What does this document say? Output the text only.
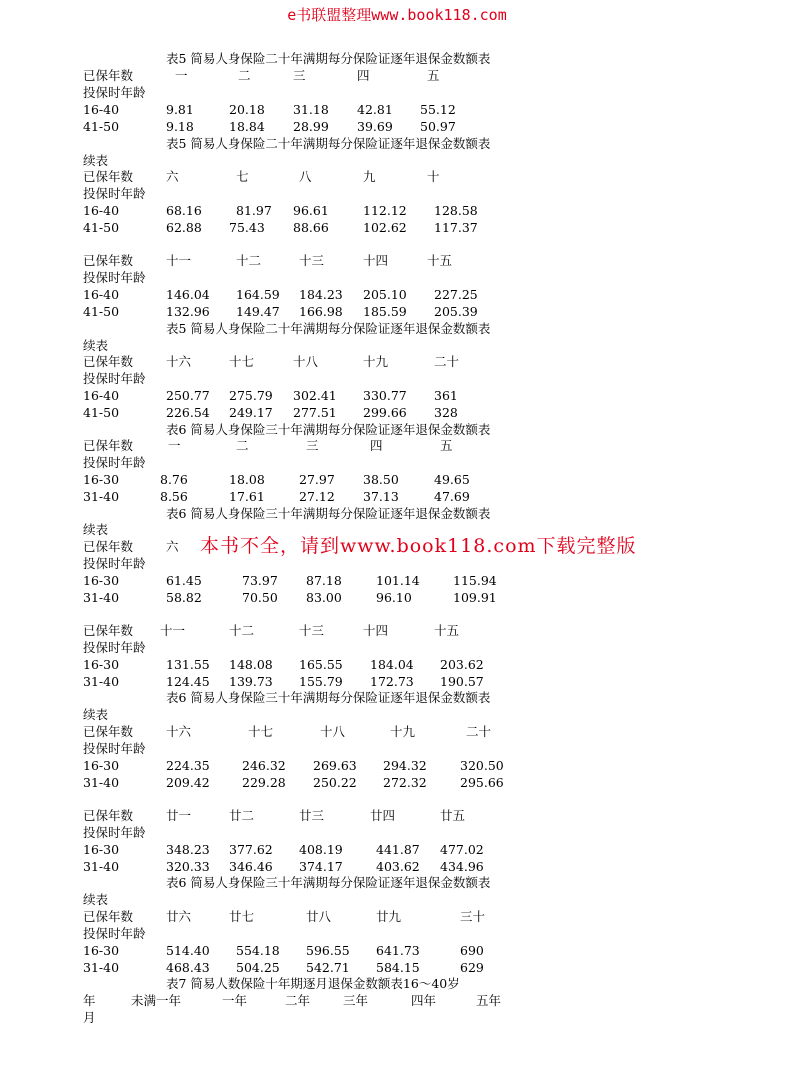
e书联盟整理www.book118.com
表5 简易人身保险二十年满期每分保险证逐年退保金数额表
已保年数	一	二	三	四	五
投保时年龄
16-40	9.81	20.18 31.18 42.81 55.12
41-50	9.18	18.84 28.99 39.69 50.97
表5 简易人身保险二十年满期每分保险证逐年退保金数额表
续表
已保年数	六	七	八	九	十
投保时年龄
16-40	68.16	81.97 96.61	112.12 128.58
41-50	62.88 75.43 88.66	102.62 117.37
已保年数	十一	十二	十三	十四	十五
投保时年龄
16-40	146.04 164.59 184.23 205.10 227.25
41-50	132.96 149.47 166.98 185.59 205.39
表5 简易人身保险二十年满期每分保险证逐年退保金数额表
续表
已保年数	十六	十七	十八	十九	二十
投保时年龄
16-40	250.77 275.79 302.41 330.77 361
41-50	226.54 249.17 277.51 299.66 328
表6 简易人身保险三十年满期每分保险证逐年退保金数额表
已保年数	一	二	三	四	五
投保时年龄
16-30	8.76	18.08	27.97 38.50	49.65
31-40	8.56	17.61	27.12 37.13	47.69
表6 简易人身保险三十年满期每分保险证逐年退保金数额表
续表
已保年数	六
投保时年龄
16-30	61.45	73.97 87.18	101.14	115.94
31-40	58.82	70.50 83.00	96.10	109.91
已保年数 十一	十二	十三	十四	十五
投保时年龄
16-30	131.55 148.08 165.55 184.04 203.62
31-40	124.45 139.73 155.79 172.73 190.57
表6 简易人身保险三十年满期每分保险证逐年退保金数额表
续表
已保年数	十六	十七	十八	十九	二十
投保时年龄
16-30	224.35	246.32 269.63 294.32	320.50
31-40	209.42	229.28 250.22 272.32	295.66
已保年数	廿一	廿二	廿三	廿四	廿五
投保时年龄
16-30	348.23 377.62 408.19	441.87 477.02
31-40	320.33 346.46 374.17	403.62 434.96
表6 简易人身保险三十年满期每分保险证逐年退保金数额表
续表
已保年数	廿六	廿七	廿八	廿九	三十
投保时年龄
16-30	514.40 554.18 596.55 641.73	690
31-40	468.43 504.25 542.71 584.15	629
表7 简易人数保险十年期逐月退保金数额表16～40岁
年	未满一年	一年	二年	三年	四年	五年
月
本书不全，请到www.book118.com下载完整版
